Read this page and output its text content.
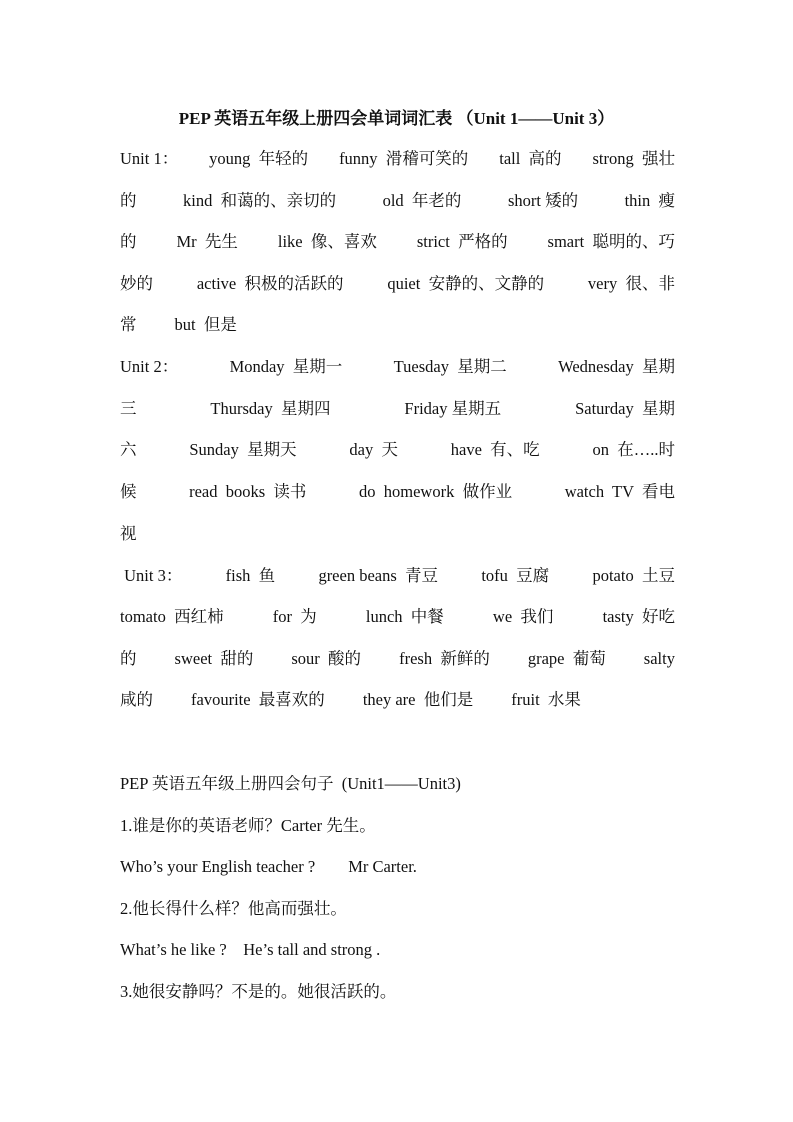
PEP 英语五年级上册四会单词词汇表 （Unit 1——Unit 3）
Unit 1： young  年轻的 funny  滑稽可笑的 tall  高的 strong  强壮
的	kind  和蔼的、亲切的	old  年老的	short 矮的	thin  瘦
的 Mr  先生 like  像、喜欢 strict  严格的 smart  聪明的、巧
妙的	active  积极的活跃的	quiet  安静的、文静的	very  很、非
常 but  但是
Unit 2：	Monday  星期一	Tuesday  星期二	Wednesday  星期
三	Thursday  星期四	Friday 星期五	Saturday  星期
六	Sunday  星期天	day  天	have  有、吃	on  在…..时
候	read  books  读书	do  homework  做作业	watch  TV  看电
视
Unit 3：	fish  鱼	green beans  青豆	tofu  豆腐	potato  土豆
tomato  西红柿	for  为	lunch  中餐	we  我们	tasty  好吃
的 sweet  甜的 sour  酸的 fresh  新鲜的 grape  葡萄 salty
咸的 favourite  最喜欢的 they are  他们是 fruit  水果
PEP 英语五年级上册四会句子  (Unit1——Unit3)
1.谁是你的英语老师？Carter 先生。
Who’s your English teacher ?        Mr Carter.
2.他长得什么样？他高而强壮。
What’s he like ?    He’s tall and strong .
3.她很安静吗？不是的。她很活跃的。
